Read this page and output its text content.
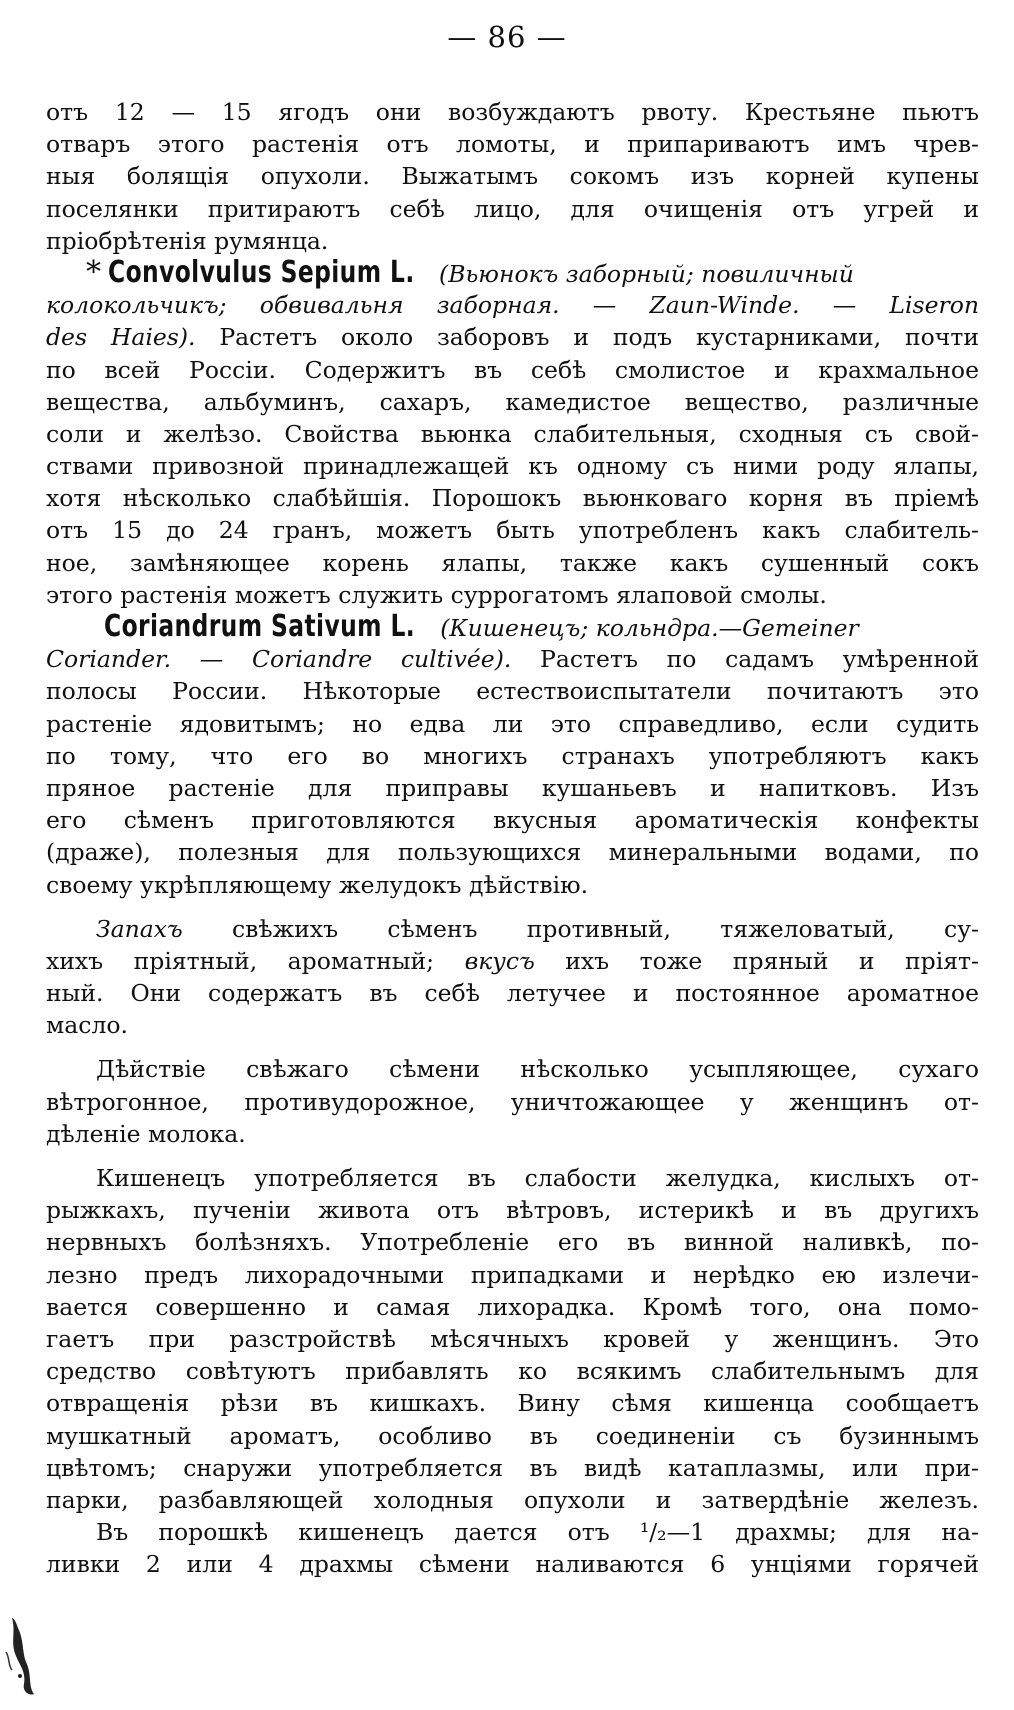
— 86 —
отъ 12 — 15 ягодъ они возбуждаютъ рвоту. Крестьяне пьютъ
отваръ этого растенія отъ ломоты, и припариваютъ имъ чрев-
ныя болящія опухоли. Выжатымъ сокомъ изъ корней купены
поселянки притираютъ себѣ лицо, для очищенія отъ угрей и
пріобрѣтенія румянца.
* Convolvulus Sepium L. (Вьюнокъ заборный; повиличный
колокольчикъ; обвивальня заборная. — Zaun-Winde. — Liseron
des Haies). Растетъ около заборовъ и подъ кустарниками, почти
по всей Россіи. Содержитъ въ себѣ смолистое и крахмальное
вещества, альбуминъ, сахаръ, камедистое вещество, различные
соли и желѣзо. Свойства вьюнка слабительныя, сходныя съ свой-
ствами привозной принадлежащей къ одному съ ними роду ялапы,
хотя нѣсколько слабѣйшія. Порошокъ вьюнковаго корня въ пріемѣ
отъ 15 до 24 гранъ, можетъ быть употребленъ какъ слабитель-
ное, замѣняющее корень ялапы, также какъ сушенный сокъ
этого растенія можетъ служить суррогатомъ ялаповой смолы.
Coriandrum Sativum L. (Кишенецъ; кольндра.—Gemeiner
Coriander. — Coriandre cultivée). Растетъ по садамъ умѣренной
полосы России. Нѣкоторые естествоиспытатели почитаютъ это
растеніе ядовитымъ; но едва ли это справедливо, если судить
по тому, что его во многихъ странахъ употребляютъ какъ
пряное растеніе для приправы кушаньевъ и напитковъ. Изъ
его сѣменъ приготовляются вкусныя ароматическія конфекты
(драже), полезныя для пользующихся минеральными водами, по
своему укрѣпляющему желудокъ дѣйствію.
Запахъ свѣжихъ сѣменъ противный, тяжеловатый, су-
хихъ пріятный, ароматный; вкусъ ихъ тоже пряный и пріят-
ный. Они содержатъ въ себѣ летучее и постоянное ароматное
масло.
Дѣйствіе свѣжаго сѣмени нѣсколько усыпляющее, сухаго
вѣтрогонное, противудорожное, уничтожающее у женщинъ от-
дѣленіе молока.
Кишенецъ употребляется въ слабости желудка, кислыхъ от-
рыжкахъ, пученіи живота отъ вѣтровъ, истерикѣ и въ другихъ
нервныхъ болѣзняхъ. Употребленіе его въ винной наливкѣ, по-
лезно предъ лихорадочными припадками и нерѣдко ею излечи-
вается совершенно и самая лихорадка. Кромѣ того, она помо-
гаетъ при разстройствѣ мѣсячныхъ кровей у женщинъ. Это
средство совѣтуютъ прибавлять ко всякимъ слабительнымъ для
отвращенія рѣзи въ кишкахъ. Вину сѣмя кишенца сообщаетъ
мушкатный ароматъ, особливо въ соединеніи съ бузиннымъ
цвѣтомъ; снаружи употребляется въ видѣ катаплазмы, или при-
парки, разбавляющей холодныя опухоли и затвердѣніе железъ.
Въ порошкѣ кишенецъ дается отъ ¹/₂—1 драхмы; для на-
ливки 2 или 4 драхмы сѣмени наливаются 6 унціями горячей
